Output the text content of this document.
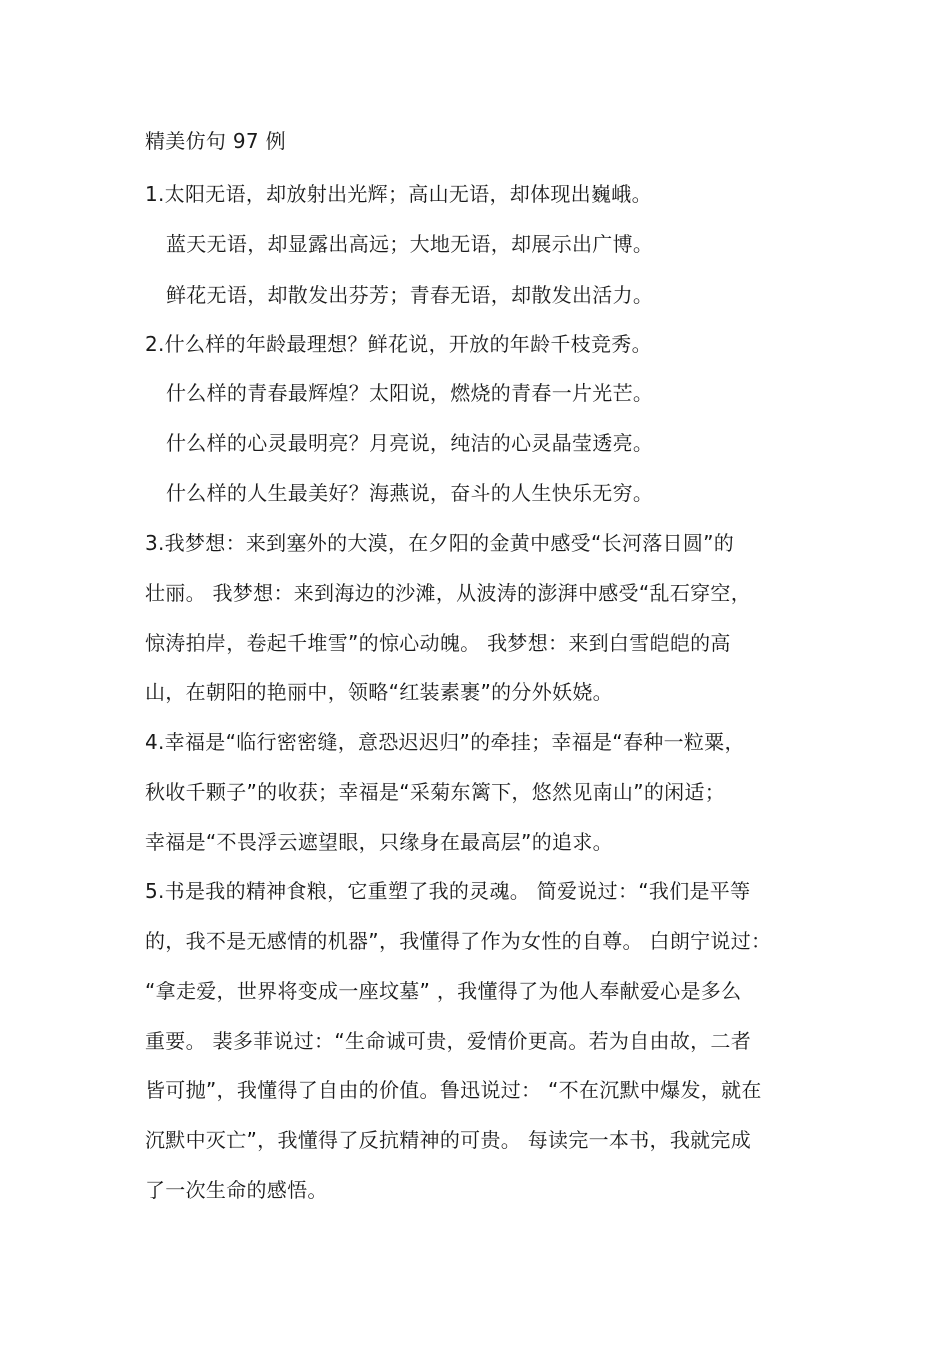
精美仿句 97 例
1.太阳无语，却放射出光辉；高山无语，却体现出巍峨。
蓝天无语，却显露出高远；大地无语，却展示出广博。
鲜花无语，却散发出芬芳；青春无语，却散发出活力。
2.什么样的年龄最理想？鲜花说，开放的年龄千枝竞秀。
什么样的青春最辉煌？太阳说，燃烧的青春一片光芒。
什么样的心灵最明亮？月亮说，纯洁的心灵晶莹透亮。
什么样的人生最美好？海燕说，奋斗的人生快乐无穷。
3.我梦想：来到塞外的大漠，在夕阳的金黄中感受“长河落日圆”的
壮丽。 我梦想：来到海边的沙滩，从波涛的澎湃中感受“乱石穿空，
惊涛拍岸，卷起千堆雪”的惊心动魄。 我梦想：来到白雪皑皑的高
山，在朝阳的艳丽中，领略“红装素裹”的分外妖娆。
4.幸福是“临行密密缝，意恐迟迟归”的牵挂；幸福是“春种一粒粟，
秋收千颗子”的收获；幸福是“采菊东篱下，悠然见南山”的闲适；
幸福是“不畏浮云遮望眼，只缘身在最高层”的追求。
5.书是我的精神食粮，它重塑了我的灵魂。 简爱说过：“我们是平等
的，我不是无感情的机器”，我懂得了作为女性的自尊。 白朗宁说过：
“拿走爱，世界将变成一座坟墓” ，我懂得了为他人奉献爱心是多么
重要。 裴多菲说过：“生命诚可贵，爱情价更高。若为自由故，二者
皆可抛”，我懂得了自由的价值。鲁迅说过： “不在沉默中爆发，就在
沉默中灭亡”，我懂得了反抗精神的可贵。 每读完一本书，我就完成
了一次生命的感悟。
